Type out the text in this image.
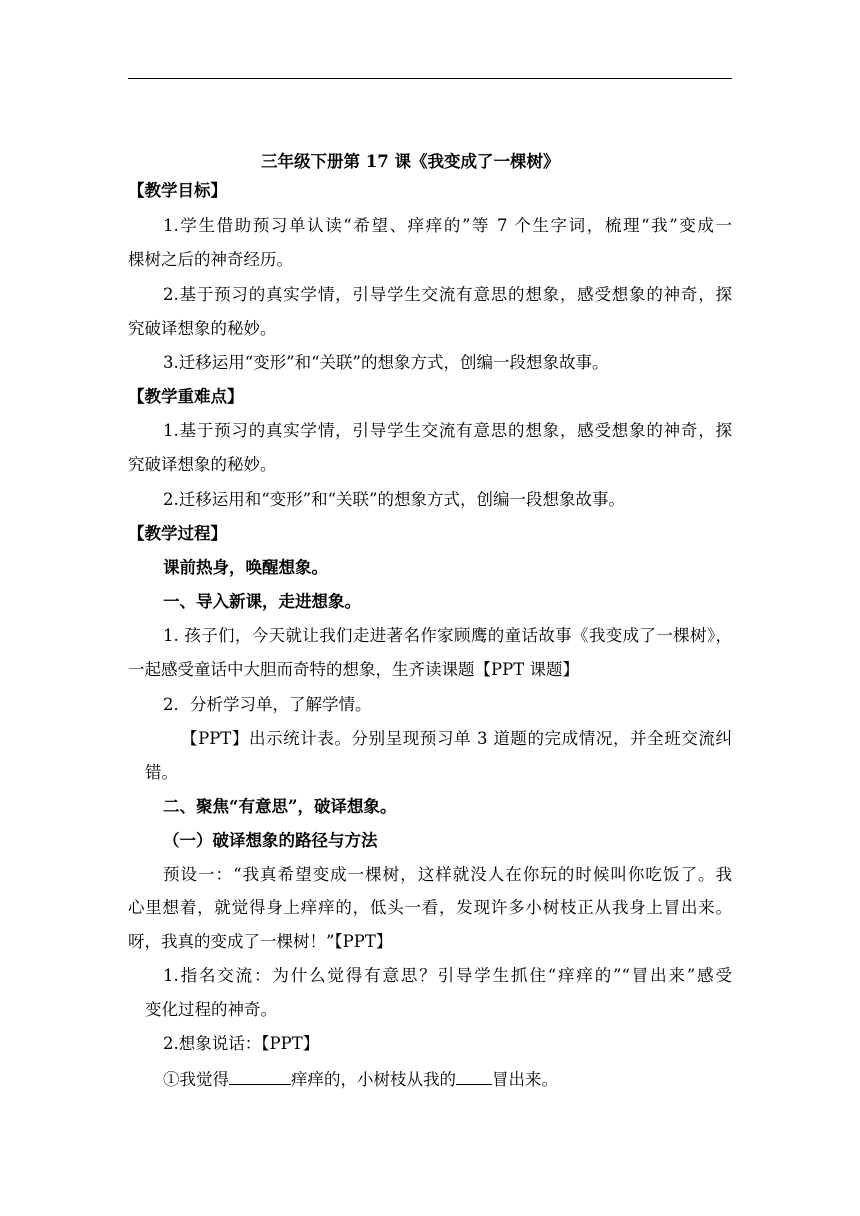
三年级下册第 17 课《我变成了一棵树》
【教学目标】
1.学生借助预习单认读“希望、痒痒的”等 7 个生字词，梳理“我”变成一
棵树之后的神奇经历。
2.基于预习的真实学情，引导学生交流有意思的想象，感受想象的神奇，探
究破译想象的秘妙。
3.迁移运用“变形”和“关联”的想象方式，创编一段想象故事。
【教学重难点】
1.基于预习的真实学情，引导学生交流有意思的想象，感受想象的神奇，探
究破译想象的秘妙。
2.迁移运用和“变形”和“关联”的想象方式，创编一段想象故事。
【教学过程】
课前热身，唤醒想象。
一、导入新课，走进想象。
1. 孩子们，今天就让我们走进著名作家顾鹰的童话故事《我变成了一棵树》，
一起感受童话中大胆而奇特的想象，生齐读课题【PPT 课题】
2．分析学习单，了解学情。
【PPT】出示统计表。分别呈现预习单 3 道题的完成情况，并全班交流纠
错。
二、聚焦“有意思”，破译想象。
（一）破译想象的路径与方法
预设一：“我真希望变成一棵树，这样就没人在你玩的时候叫你吃饭了。我
心里想着，就觉得身上痒痒的，低头一看，发现许多小树枝正从我身上冒出来。
呀，我真的变成了一棵树！”【PPT】
1.指名交流：为什么觉得有意思？引导学生抓住“痒痒的”“冒出来”感受
变化过程的神奇。
2.想象说话：【PPT】
①我觉得	痒痒的，小树枝从我的 冒出来。
